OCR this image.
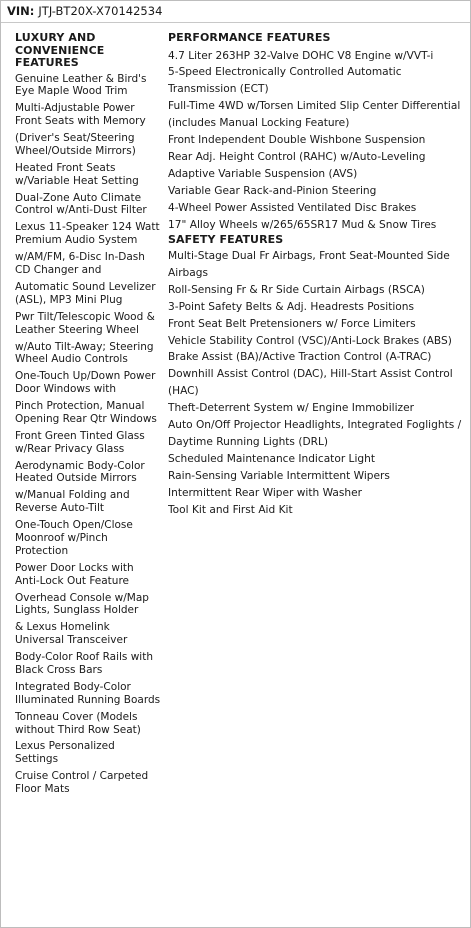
VIN: JTJ-BT20X-X70142534
LUXURY AND CONVENIENCE FEATURES
Genuine Leather & Bird's Eye Maple Wood Trim
Multi-Adjustable Power Front Seats with Memory
(Driver's Seat/Steering Wheel/Outside Mirrors)
Heated Front Seats w/Variable Heat Setting
Dual-Zone Auto Climate Control w/Anti-Dust Filter
Lexus 11-Speaker 124 Watt Premium Audio System
w/AM/FM, 6-Disc In-Dash CD Changer and
Automatic Sound Levelizer (ASL), MP3 Mini Plug
Pwr Tilt/Telescopic Wood & Leather Steering Wheel
w/Auto Tilt-Away; Steering Wheel Audio Controls
One-Touch Up/Down Power Door Windows with
Pinch Protection, Manual Opening Rear Qtr Windows
Front Green Tinted Glass w/Rear Privacy Glass
Aerodynamic Body-Color Heated Outside Mirrors
w/Manual Folding and Reverse Auto-Tilt
One-Touch Open/Close Moonroof w/Pinch Protection
Power Door Locks with Anti-Lock Out Feature
Overhead Console w/Map Lights, Sunglass Holder
& Lexus Homelink Universal Transceiver
Body-Color Roof Rails with Black Cross Bars
Integrated Body-Color Illuminated Running Boards
Tonneau Cover (Models without Third Row Seat)
Lexus Personalized Settings
Cruise Control / Carpeted Floor Mats
PERFORMANCE FEATURES
4.7 Liter 263HP 32-Valve DOHC V8 Engine w/VVT-i
5-Speed Electronically Controlled Automatic Transmission (ECT)
Full-Time 4WD w/Torsen Limited Slip Center Differential (includes Manual Locking Feature)
Front Independent Double Wishbone Suspension
Rear Adj. Height Control (RAHC) w/Auto-Leveling
Adaptive Variable Suspension (AVS)
Variable Gear Rack-and-Pinion Steering
4-Wheel Power Assisted Ventilated Disc Brakes
17" Alloy Wheels w/265/65SR17 Mud & Snow Tires
SAFETY FEATURES
Multi-Stage Dual Fr Airbags, Front Seat-Mounted Side Airbags
Roll-Sensing Fr & Rr Side Curtain Airbags (RSCA)
3-Point Safety Belts & Adj. Headrests Positions
Front Seat Belt Pretensioners w/ Force Limiters
Vehicle Stability Control (VSC)/Anti-Lock Brakes (ABS) Brake Assist (BA)/Active Traction Control (A-TRAC)
Downhill Assist Control (DAC), Hill-Start Assist Control (HAC)
Theft-Deterrent System w/ Engine Immobilizer
Auto On/Off Projector Headlights, Integrated Foglights / Daytime Running Lights (DRL)
Scheduled Maintenance Indicator Light
Rain-Sensing Variable Intermittent Wipers
Intermittent Rear Wiper with Washer
Tool Kit and First Aid Kit
